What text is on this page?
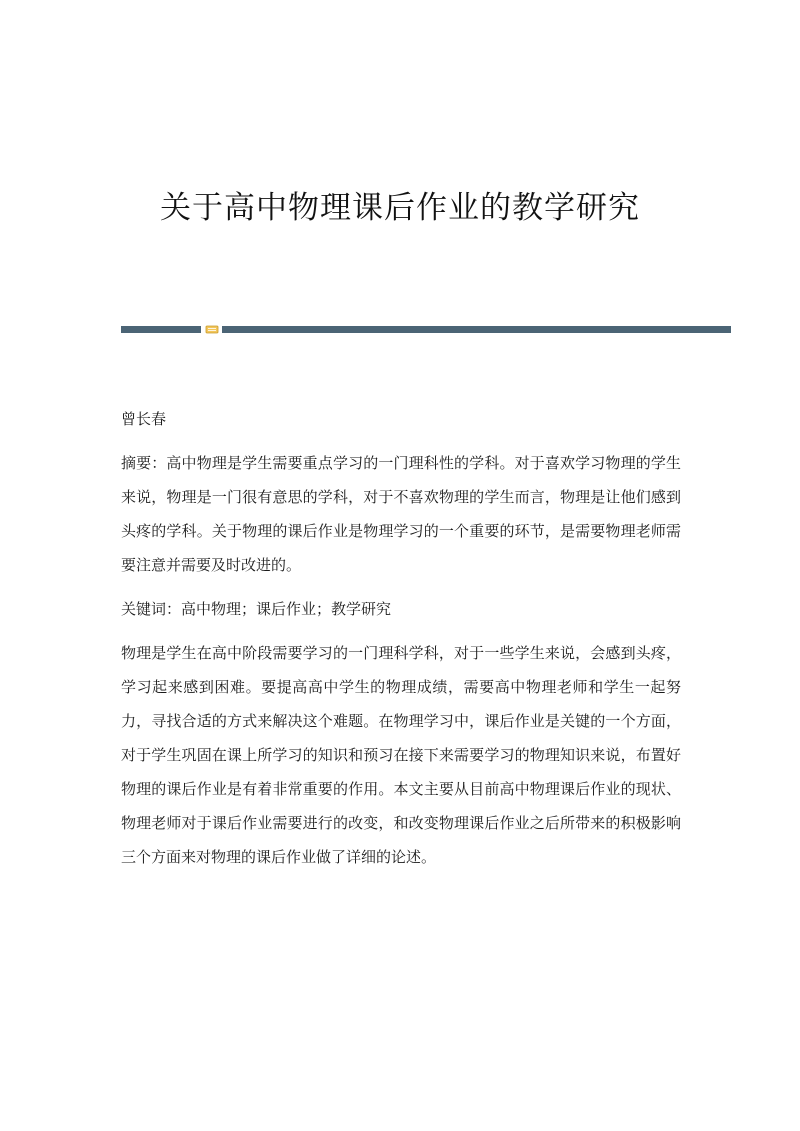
关于高中物理课后作业的教学研究

曾长春

摘要：高中物理是学生需要重点学习的一门理科性的学科。对于喜欢学习物理的学生来说，物理是一门很有意思的学科，对于不喜欢物理的学生而言，物理是让他们感到头疼的学科。关于物理的课后作业是物理学习的一个重要的环节，是需要物理老师需要注意并需要及时改进的。

关键词：高中物理；课后作业；教学研究

物理是学生在高中阶段需要学习的一门理科学科，对于一些学生来说，会感到头疼，学习起来感到困难。要提高高中学生的物理成绩，需要高中物理老师和学生一起努力，寻找合适的方式来解决这个难题。在物理学习中，课后作业是关键的一个方面，对于学生巩固在课上所学习的知识和预习在接下来需要学习的物理知识来说，布置好物理的课后作业是有着非常重要的作用。本文主要从目前高中物理课后作业的现状、物理老师对于课后作业需要进行的改变，和改变物理课后作业之后所带来的积极影响三个方面来对物理的课后作业做了详细的论述。
